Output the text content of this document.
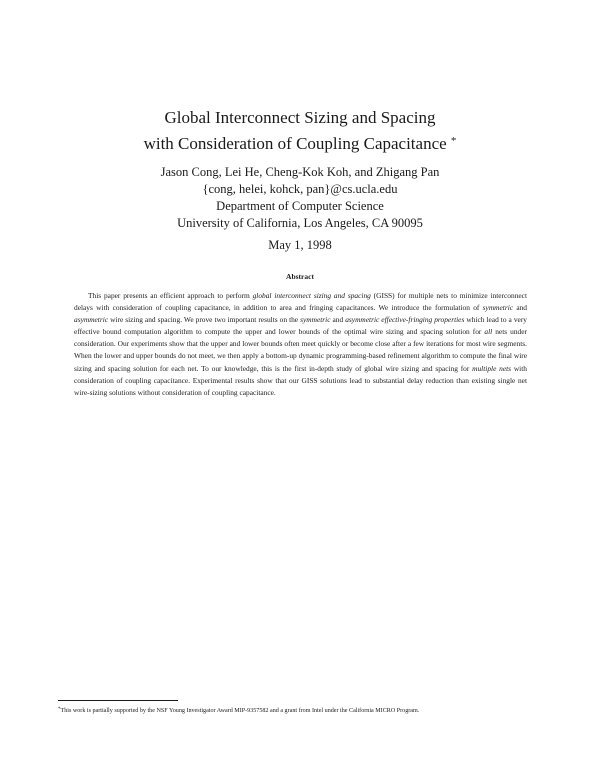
Global Interconnect Sizing and Spacing
with Consideration of Coupling Capacitance *
Jason Cong, Lei He, Cheng-Kok Koh, and Zhigang Pan
{cong, helei, kohck, pan}@cs.ucla.edu
Department of Computer Science
University of California, Los Angeles, CA 90095
May 1, 1998
Abstract

This paper presents an efficient approach to perform global interconnect sizing and spacing (GISS) for multiple nets to minimize interconnect delays with consideration of coupling capacitance, in addition to area and fringing capacitances. We introduce the formulation of symmetric and asymmetric wire sizing and spacing. We prove two important results on the symmetric and asymmetric effective-fringing properties which lead to a very effective bound computation algorithm to compute the upper and lower bounds of the optimal wire sizing and spacing solution for all nets under consideration. Our experiments show that the upper and lower bounds often meet quickly or become close after a few iterations for most wire segments. When the lower and upper bounds do not meet, we then apply a bottom-up dynamic programming-based refinement algorithm to compute the final wire sizing and spacing solution for each net. To our knowledge, this is the first in-depth study of global wire sizing and spacing for multiple nets with consideration of coupling capacitance. Experimental results show that our GISS solutions lead to substantial delay reduction than existing single net wire-sizing solutions without consideration of coupling capacitance.

*This work is partially supported by the NSF Young Investigator Award MIP-9357582 and a grant from Intel under the California MICRO Program.
